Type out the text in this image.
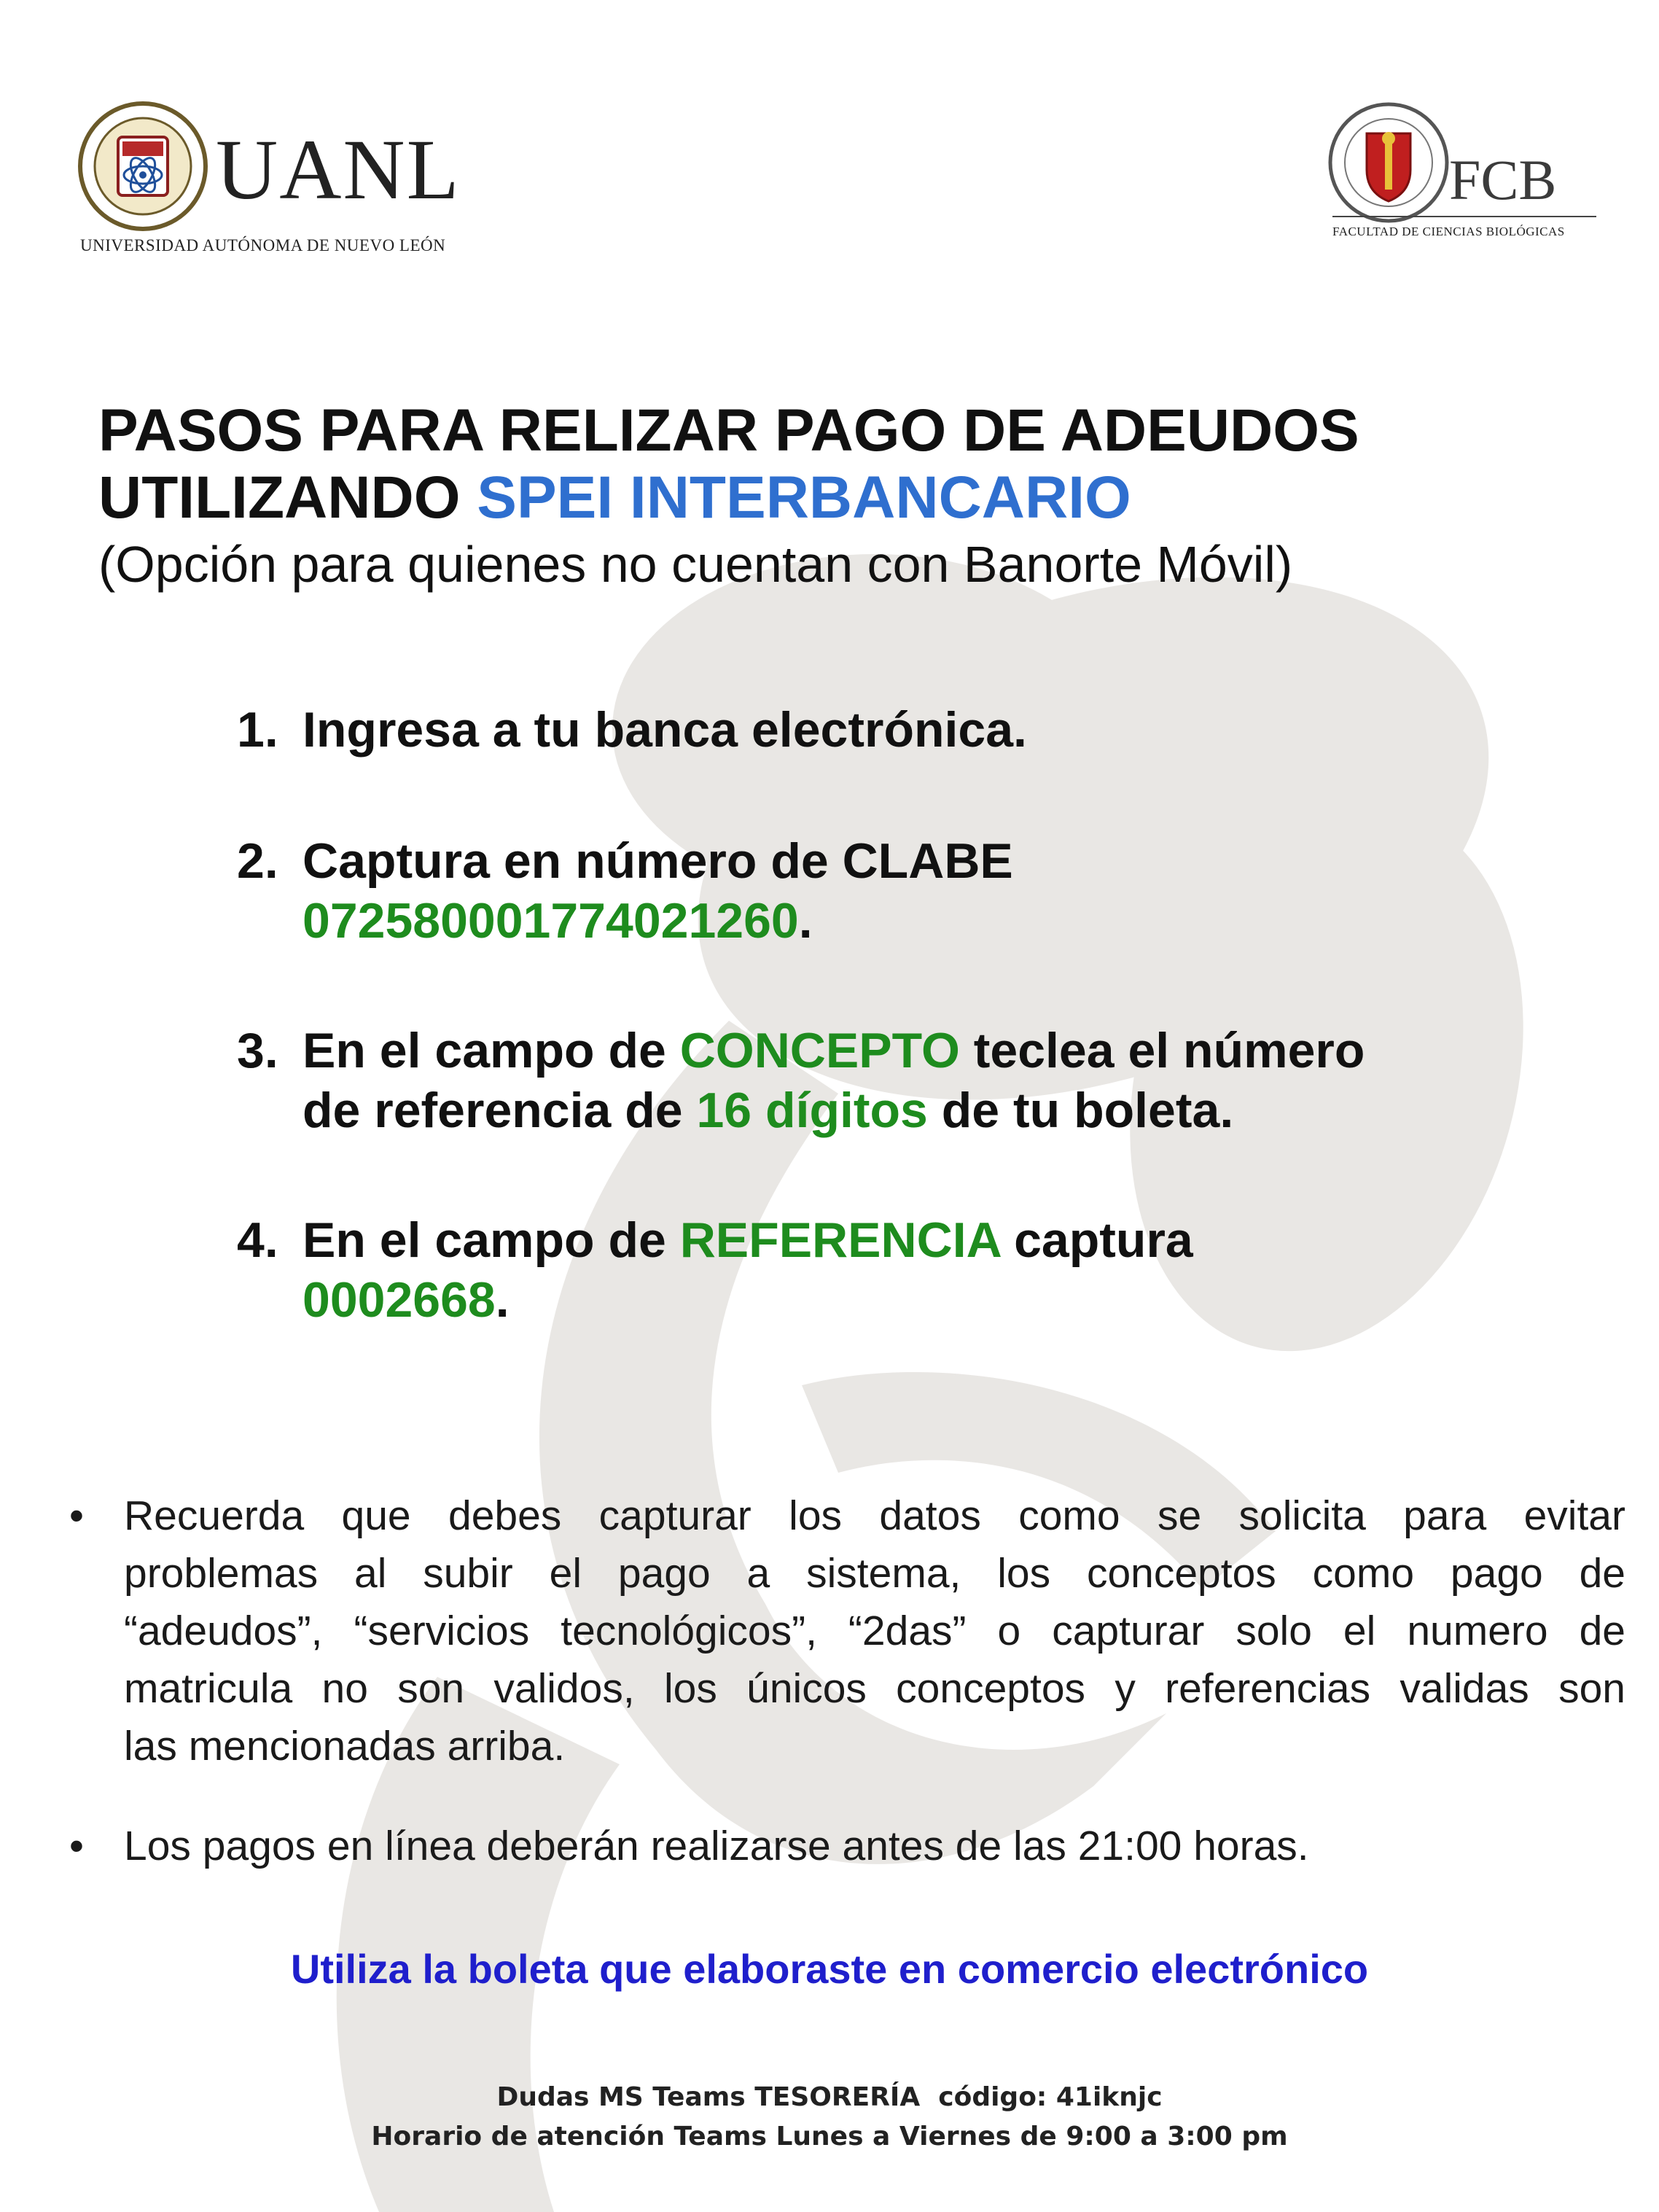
UANL
UNIVERSIDAD AUTÓNOMA DE NUEVO LEÓN
FCB
FACULTAD DE CIENCIAS BIOLÓGICAS
PASOS PARA RELIZAR PAGO DE ADEUDOS
UTILIZANDO SPEI INTERBANCARIO
(Opción para quienes no cuentan con Banorte Móvil)
1. Ingresa a tu banca electrónica.
2. Captura en número de CLABE
072580001774021260.
3. En el campo de CONCEPTO teclea el número
de referencia de 16 dígitos de tu boleta.
4. En el campo de REFERENCIA captura
0002668.
• Recuerda que debes capturar los datos como se solicita para evitar
problemas al subir el pago a sistema, los conceptos como pago de
“adeudos”, “servicios tecnológicos”, “2das” o capturar solo el numero de
matricula no son validos, los únicos conceptos y referencias validas son
las mencionadas arriba.
• Los pagos en línea deberán realizarse antes de las 21:00 horas.
Utiliza la boleta que elaboraste en comercio electrónico
Dudas MS Teams TESORERÍA  código: 41iknjc
Horario de atención Teams Lunes a Viernes de 9:00 a 3:00 pm
